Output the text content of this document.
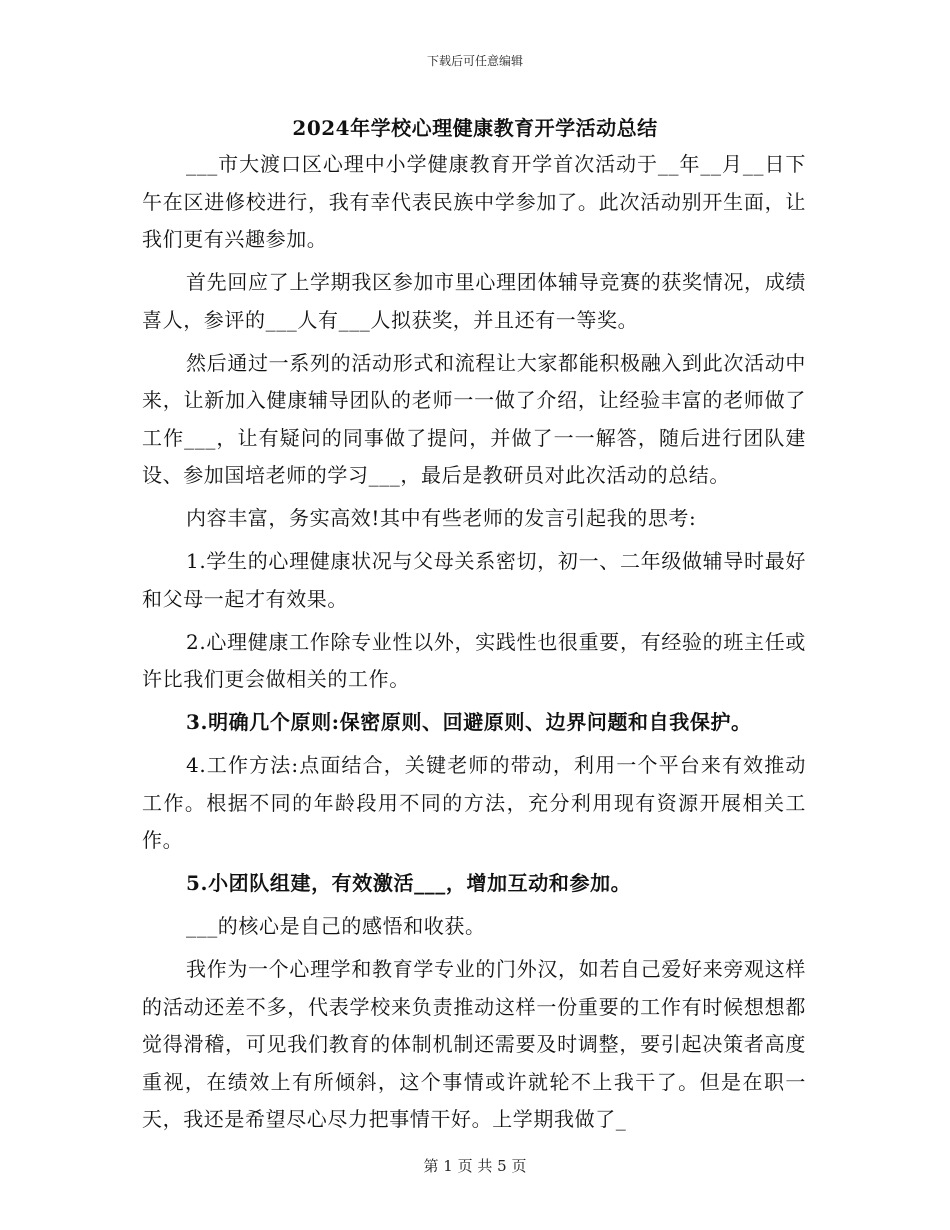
下载后可任意编辑
2024年学校心理健康教育开学活动总结

___市大渡口区心理中小学健康教育开学首次活动于__年__月__日下午在区进修校进行，我有幸代表民族中学参加了。此次活动别开生面，让我们更有兴趣参加。

首先回应了上学期我区参加市里心理团体辅导竞赛的获奖情况，成绩喜人，参评的___人有___人拟获奖，并且还有一等奖。

然后通过一系列的活动形式和流程让大家都能积极融入到此次活动中来，让新加入健康辅导团队的老师一一做了介绍，让经验丰富的老师做了工作___，让有疑问的同事做了提问，并做了一一解答，随后进行团队建设、参加国培老师的学习___，最后是教研员对此次活动的总结。

内容丰富，务实高效!其中有些老师的发言引起我的思考:

1.学生的心理健康状况与父母关系密切，初一、二年级做辅导时最好和父母一起才有效果。

2.心理健康工作除专业性以外，实践性也很重要，有经验的班主任或许比我们更会做相关的工作。

3.明确几个原则:保密原则、回避原则、边界问题和自我保护。

4.工作方法:点面结合，关键老师的带动，利用一个平台来有效推动工作。根据不同的年龄段用不同的方法，充分利用现有资源开展相关工作。

5.小团队组建，有效激活___，增加互动和参加。

___的核心是自己的感悟和收获。

我作为一个心理学和教育学专业的门外汉，如若自己爱好来旁观这样的活动还差不多，代表学校来负责推动这样一份重要的工作有时候想想都觉得滑稽，可见我们教育的体制机制还需要及时调整，要引起决策者高度重视，在绩效上有所倾斜，这个事情或许就轮不上我干了。但是在职一天，我还是希望尽心尽力把事情干好。上学期我做了_

第 1 页 共 5 页
